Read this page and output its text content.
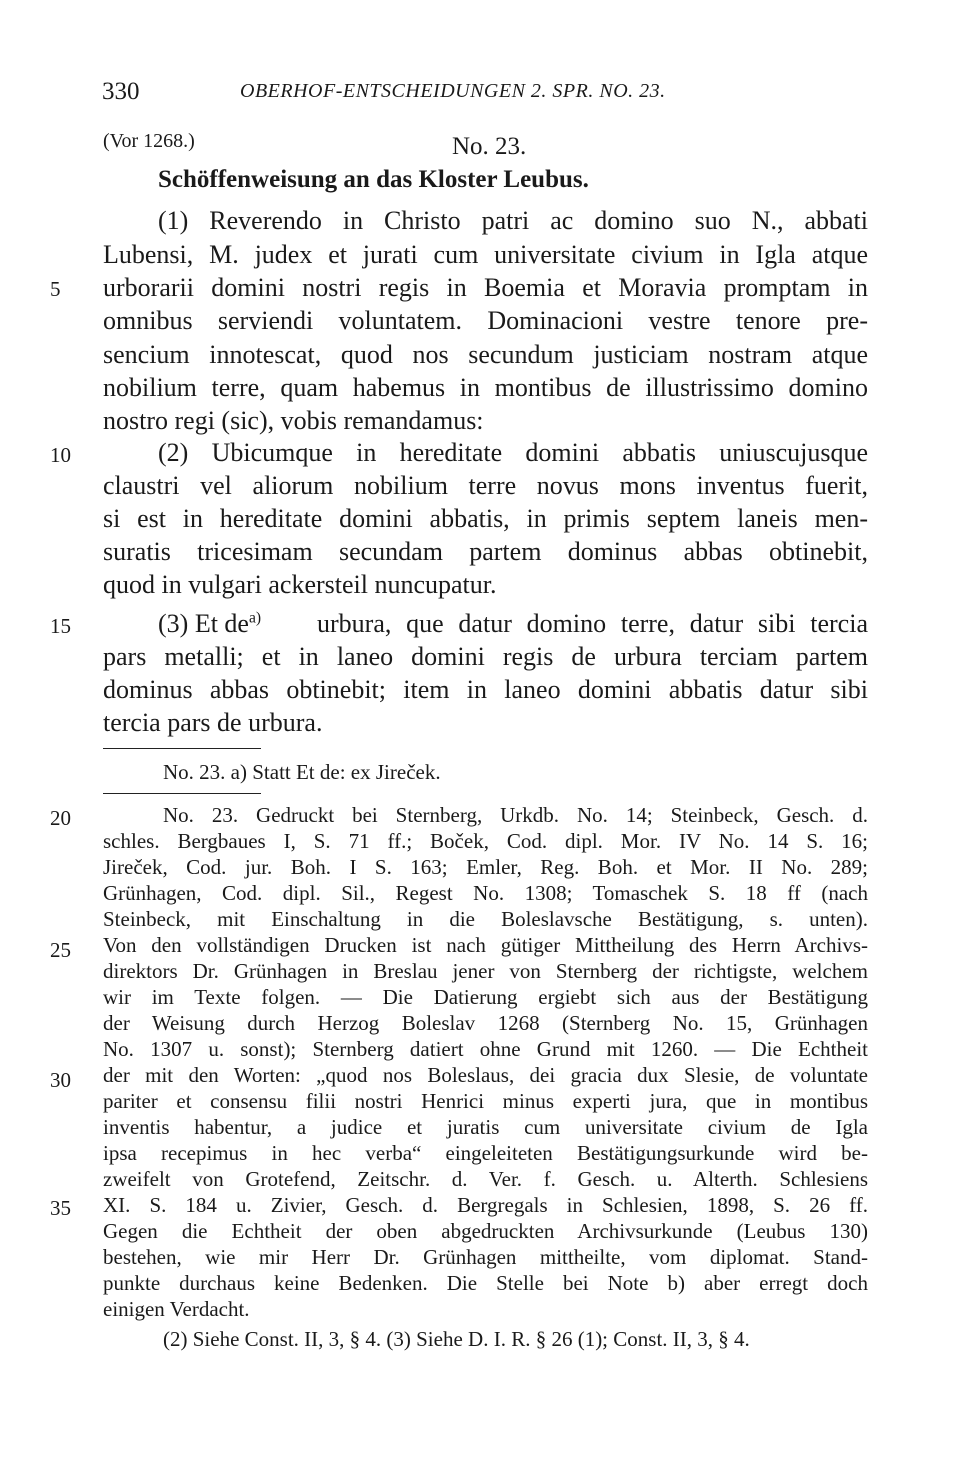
330	OBERHOF-ENTSCHEIDUNGEN 2. SPR. NO. 23.
(Vor 1268.)	No. 23.
Schöffenweisung an das Kloster Leubus.
(1) Reverendo in Christo patri ac domino suo N., abbati
Lubensi, M. judex et jurati cum universitate civium in Igla atque
urborarii domini nostri regis in Boemia et Moravia promptam in
omnibus serviendi voluntatem. Dominacioni vestre tenore pre-
sencium innotescat, quod nos secundum justiciam nostram atque
nobilium terre, quam habemus in montibus de illustrissimo domino
nostro regi (sic), vobis remandamus:
(2) Ubicumque in hereditate domini abbatis uniuscujusque
claustri vel aliorum nobilium terre novus mons inventus fuerit,
si est in hereditate domini abbatis, in primis septem laneis men-
suratis tricesimam secundam partem dominus abbas obtinebit,
quod in vulgari ackersteil nuncupatur.
(3) Et $de^{a)}$ urbura, que datur domino terre, datur sibi tercia
pars metalli; et in laneo domini regis de urbura terciam partem
dominus abbas obtinebit; item in laneo domini abbatis datur sibi
tercia pars de urbura.
No. 23. a) Statt Et de: ex Jireček.
No. 23. Gedruckt bei Sternberg, Urkdb. No. 14; Steinbeck, Gesch. d.
schles. Bergbaues I, S. 71 ff.; Boček, Cod. dipl. Mor. IV No. 14 S. 16;
Jireček, Cod. jur. Boh. I S. 163; Emler, Reg. Boh. et Mor. II No. 289;
Grünhagen, Cod. dipl. Sil., Regest No. 1308; Tomaschek S. 18 ff (nach
Steinbeck, mit Einschaltung in die Boleslavsche Bestätigung, s. unten).
Von den vollständigen Drucken ist nach gütiger Mittheilung des Herrn Archivs-
direktors Dr. Grünhagen in Breslau jener von Sternberg der richtigste, welchem
wir im Texte folgen. — Die Datierung ergiebt sich aus der Bestätigung
der Weisung durch Herzog Boleslav 1268 (Sternberg No. 15, Grünhagen
No. 1307 u. sonst); Sternberg datiert ohne Grund mit 1260. — Die Echtheit
der mit den Worten: „quod nos Boleslaus, dei gracia dux Slesie, de voluntate
pariter et consensu filii nostri Henrici minus experti jura, que in montibus
inventis habentur, a judice et juratis cum universitate civium de Igla
ipsa recepimus in hec verba“ eingeleiteten Bestätigungsurkunde wird be-
zweifelt von Grotefend, Zeitschr. d. Ver. f. Gesch. u. Alterth. Schlesiens
XI. S. 184 u. Zivier, Gesch. d. Bergregals in Schlesien, 1898, S. 26 ff.
Gegen die Echtheit der oben abgedruckten Archivsurkunde (Leubus 130)
bestehen, wie mir Herr Dr. Grünhagen mittheilte, vom diplomat. Stand-
punkte durchaus keine Bedenken. Die Stelle bei Note b) aber erregt doch
einigen Verdacht.
(2) Siehe Const. II, 3, § 4. (3) Siehe D. I. R. § 26 (1); Const. II, 3, § 4.
5
10
15
20
25
30
35
